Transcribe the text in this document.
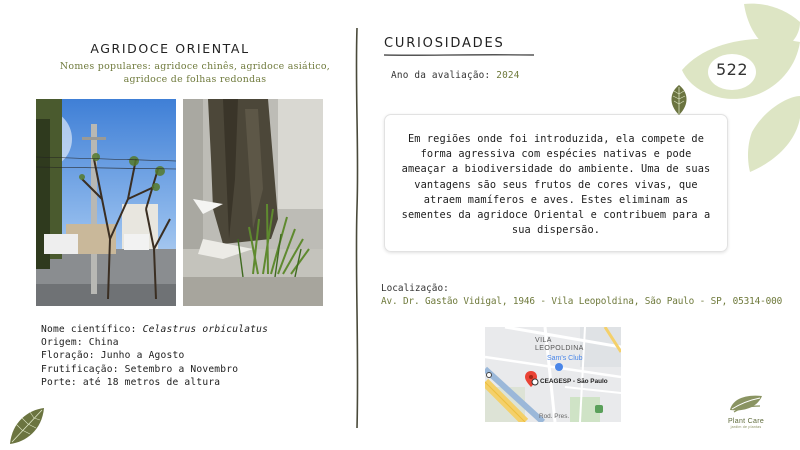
AGRIDOCE ORIENTAL
Nomes populares: agridoce chinês, agridoce asiático, agridoce de folhas redondas
Nome científico: Celastrus orbiculatus
Origem: China
Floração: Junho a Agosto
Frutificação: Setembro a Novembro
Porte: até 18 metros de altura
CURIOSIDADES
Ano da avaliação: 2024
Em regiões onde foi introduzida, ela compete de forma agressiva com espécies nativas e pode ameaçar a biodiversidade do ambiente. Uma de suas vantagens são seus frutos de cores vivas, que atraem mamíferos e aves. Estes eliminam as sementes da agridoce Oriental e contribuem para a sua dispersão.
Localização:
Av. Dr. Gastão Vidigal, 1946 - Vila Leopoldina, São Paulo - SP, 05314-000
VILA
LEOPOLDINA
Sam's Club
CEAGESP - São Paulo
Rod. Pres.
522
Plant Care
jardim de plantas
